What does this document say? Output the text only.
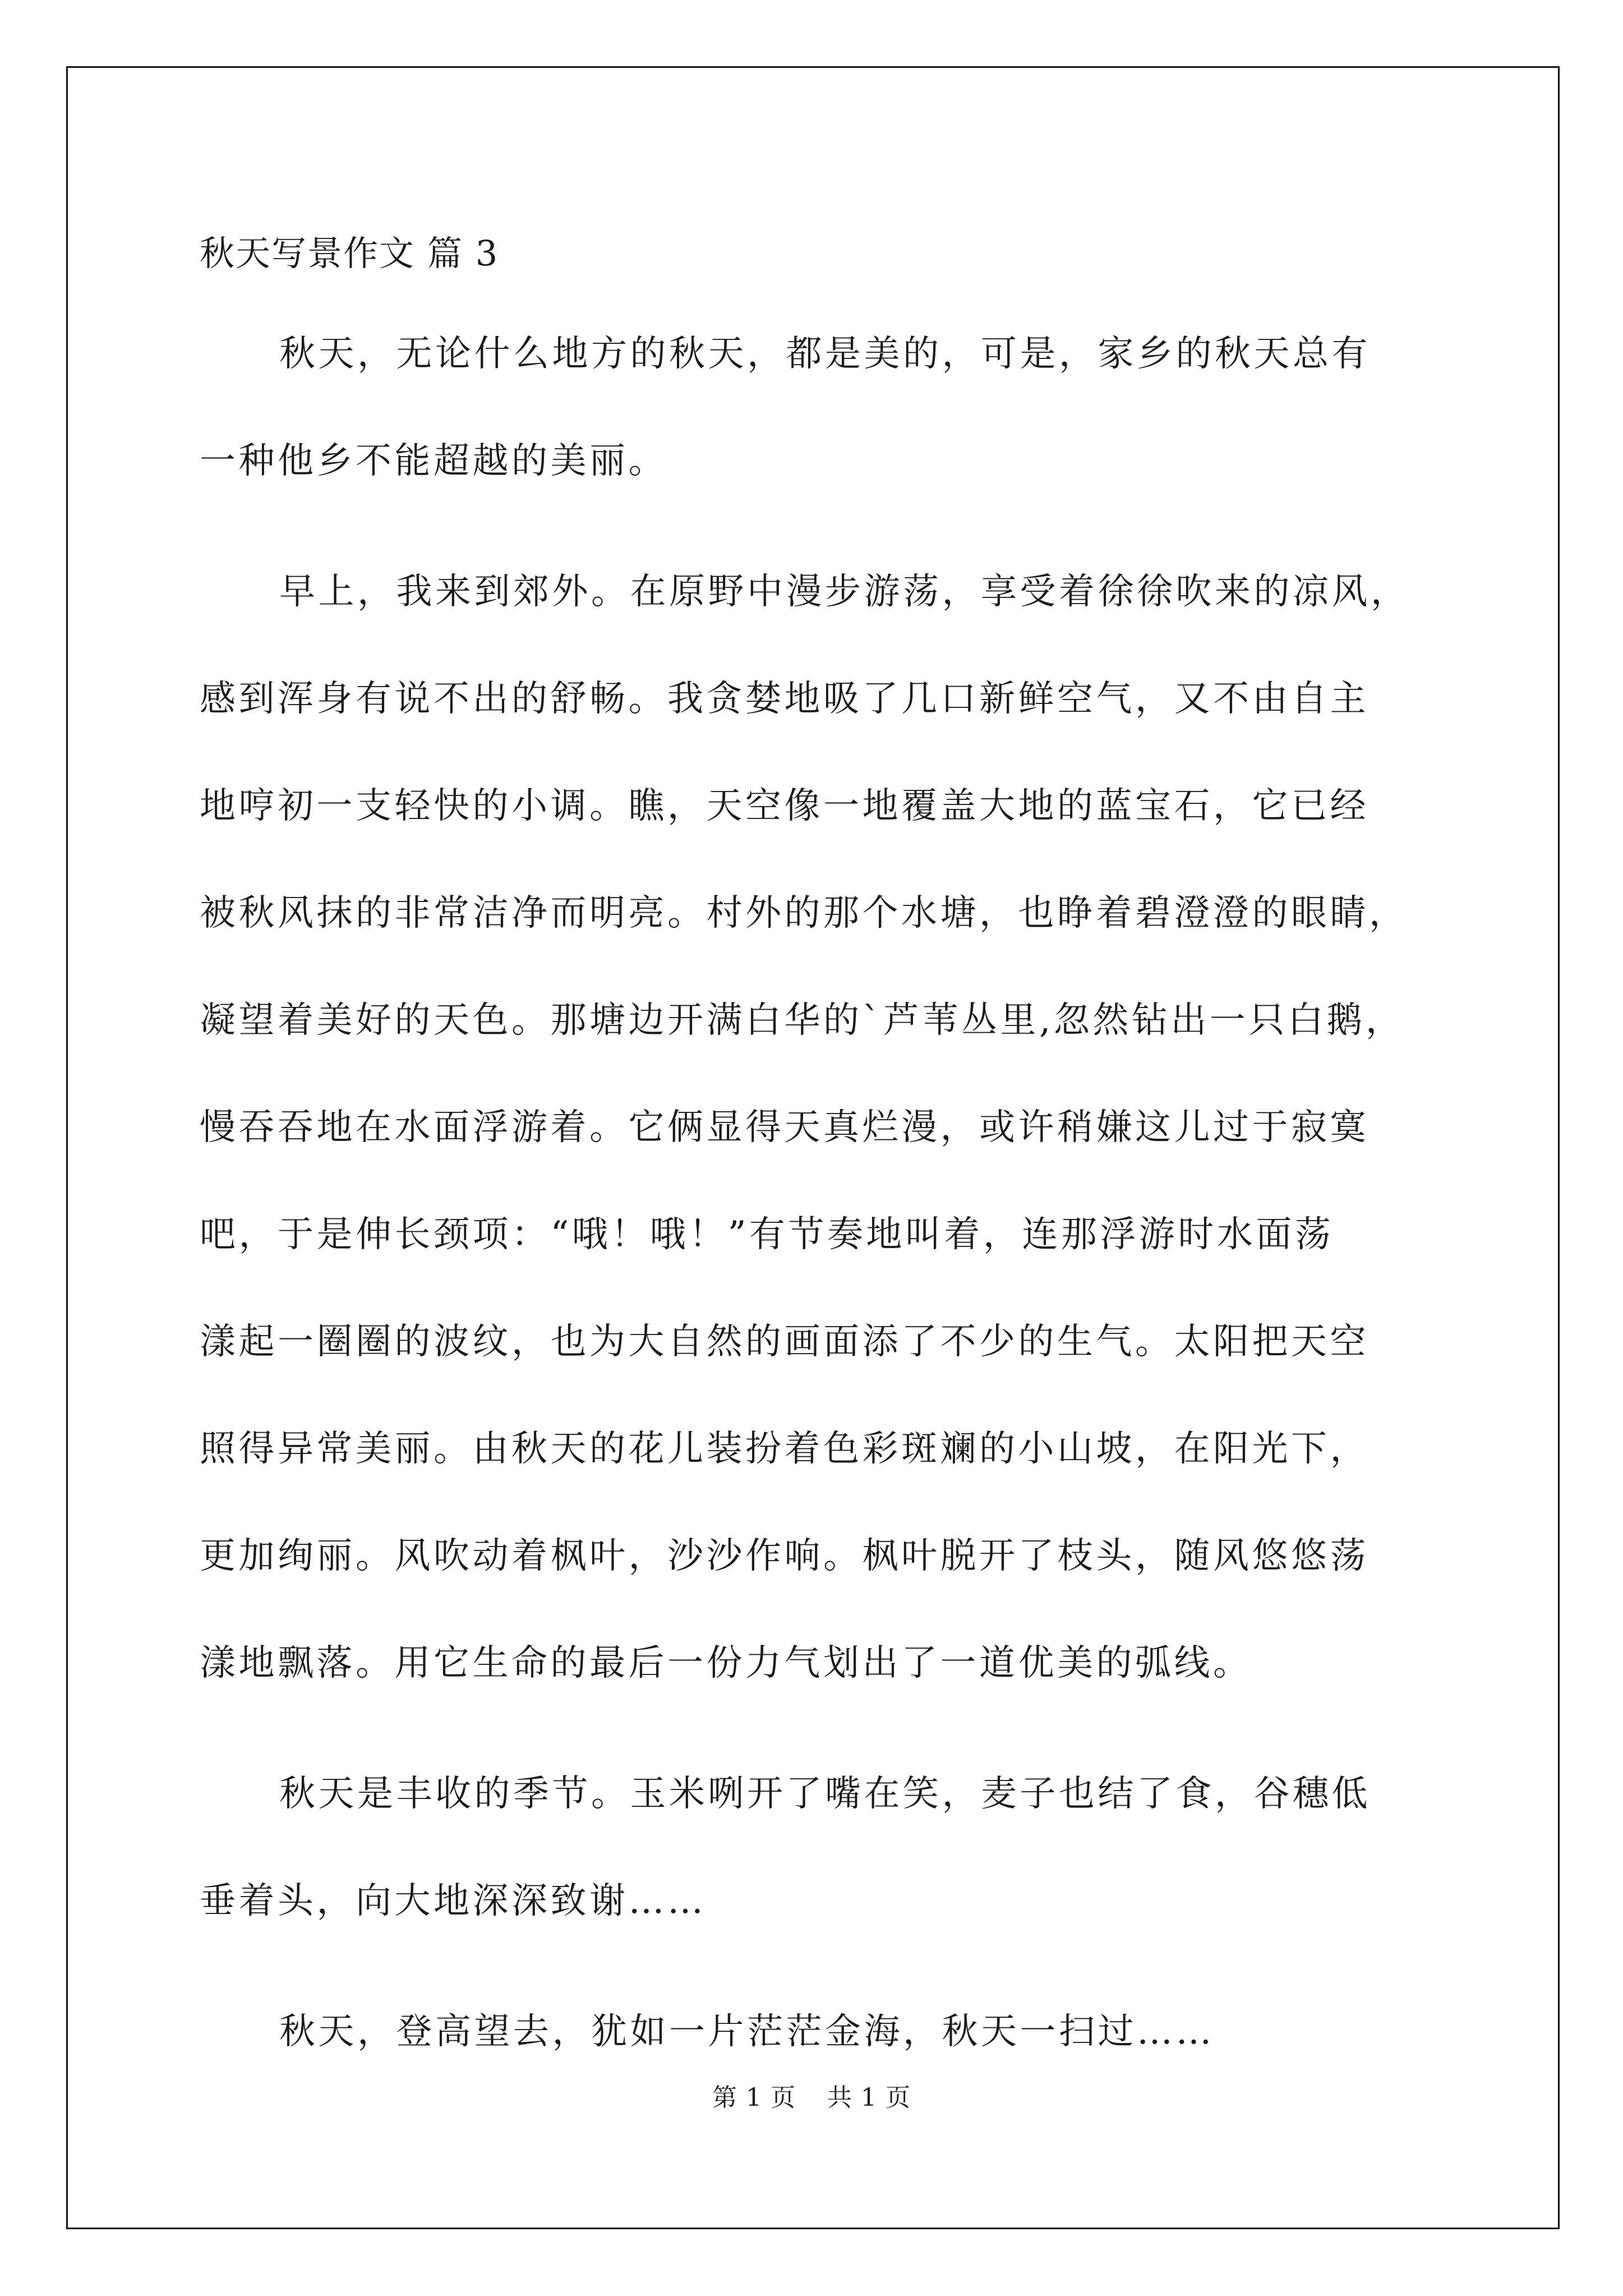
秋天写景作文 篇 3

秋天，无论什么地方的秋天，都是美的，可是，家乡的秋天总有
一种他乡不能超越的美丽。

早上，我来到郊外。在原野中漫步游荡，享受着徐徐吹来的凉风，
感到浑身有说不出的舒畅。我贪婪地吸了几口新鲜空气，又不由自主
地哼初一支轻快的小调。瞧，天空像一地覆盖大地的蓝宝石，它已经
被秋风抹的非常洁净而明亮。村外的那个水塘，也睁着碧澄澄的眼睛，
凝望着美好的天色。那塘边开满白华的`芦苇丛里,忽然钻出一只白鹅，
慢吞吞地在水面浮游着。它俩显得天真烂漫，或许稍嫌这儿过于寂寞
吧，于是伸长颈项：“哦！哦！”有节奏地叫着，连那浮游时水面荡
漾起一圈圈的波纹，也为大自然的画面添了不少的生气。太阳把天空
照得异常美丽。由秋天的花儿装扮着色彩斑斓的小山坡，在阳光下，
更加绚丽。风吹动着枫叶，沙沙作响。枫叶脱开了枝头，随风悠悠荡
漾地飘落。用它生命的最后一份力气划出了一道优美的弧线。

秋天是丰收的季节。玉米咧开了嘴在笑，麦子也结了食，谷穗低
垂着头，向大地深深致谢……

秋天，登高望去，犹如一片茫茫金海，秋天一扫过……

第 1 页 共 1 页
